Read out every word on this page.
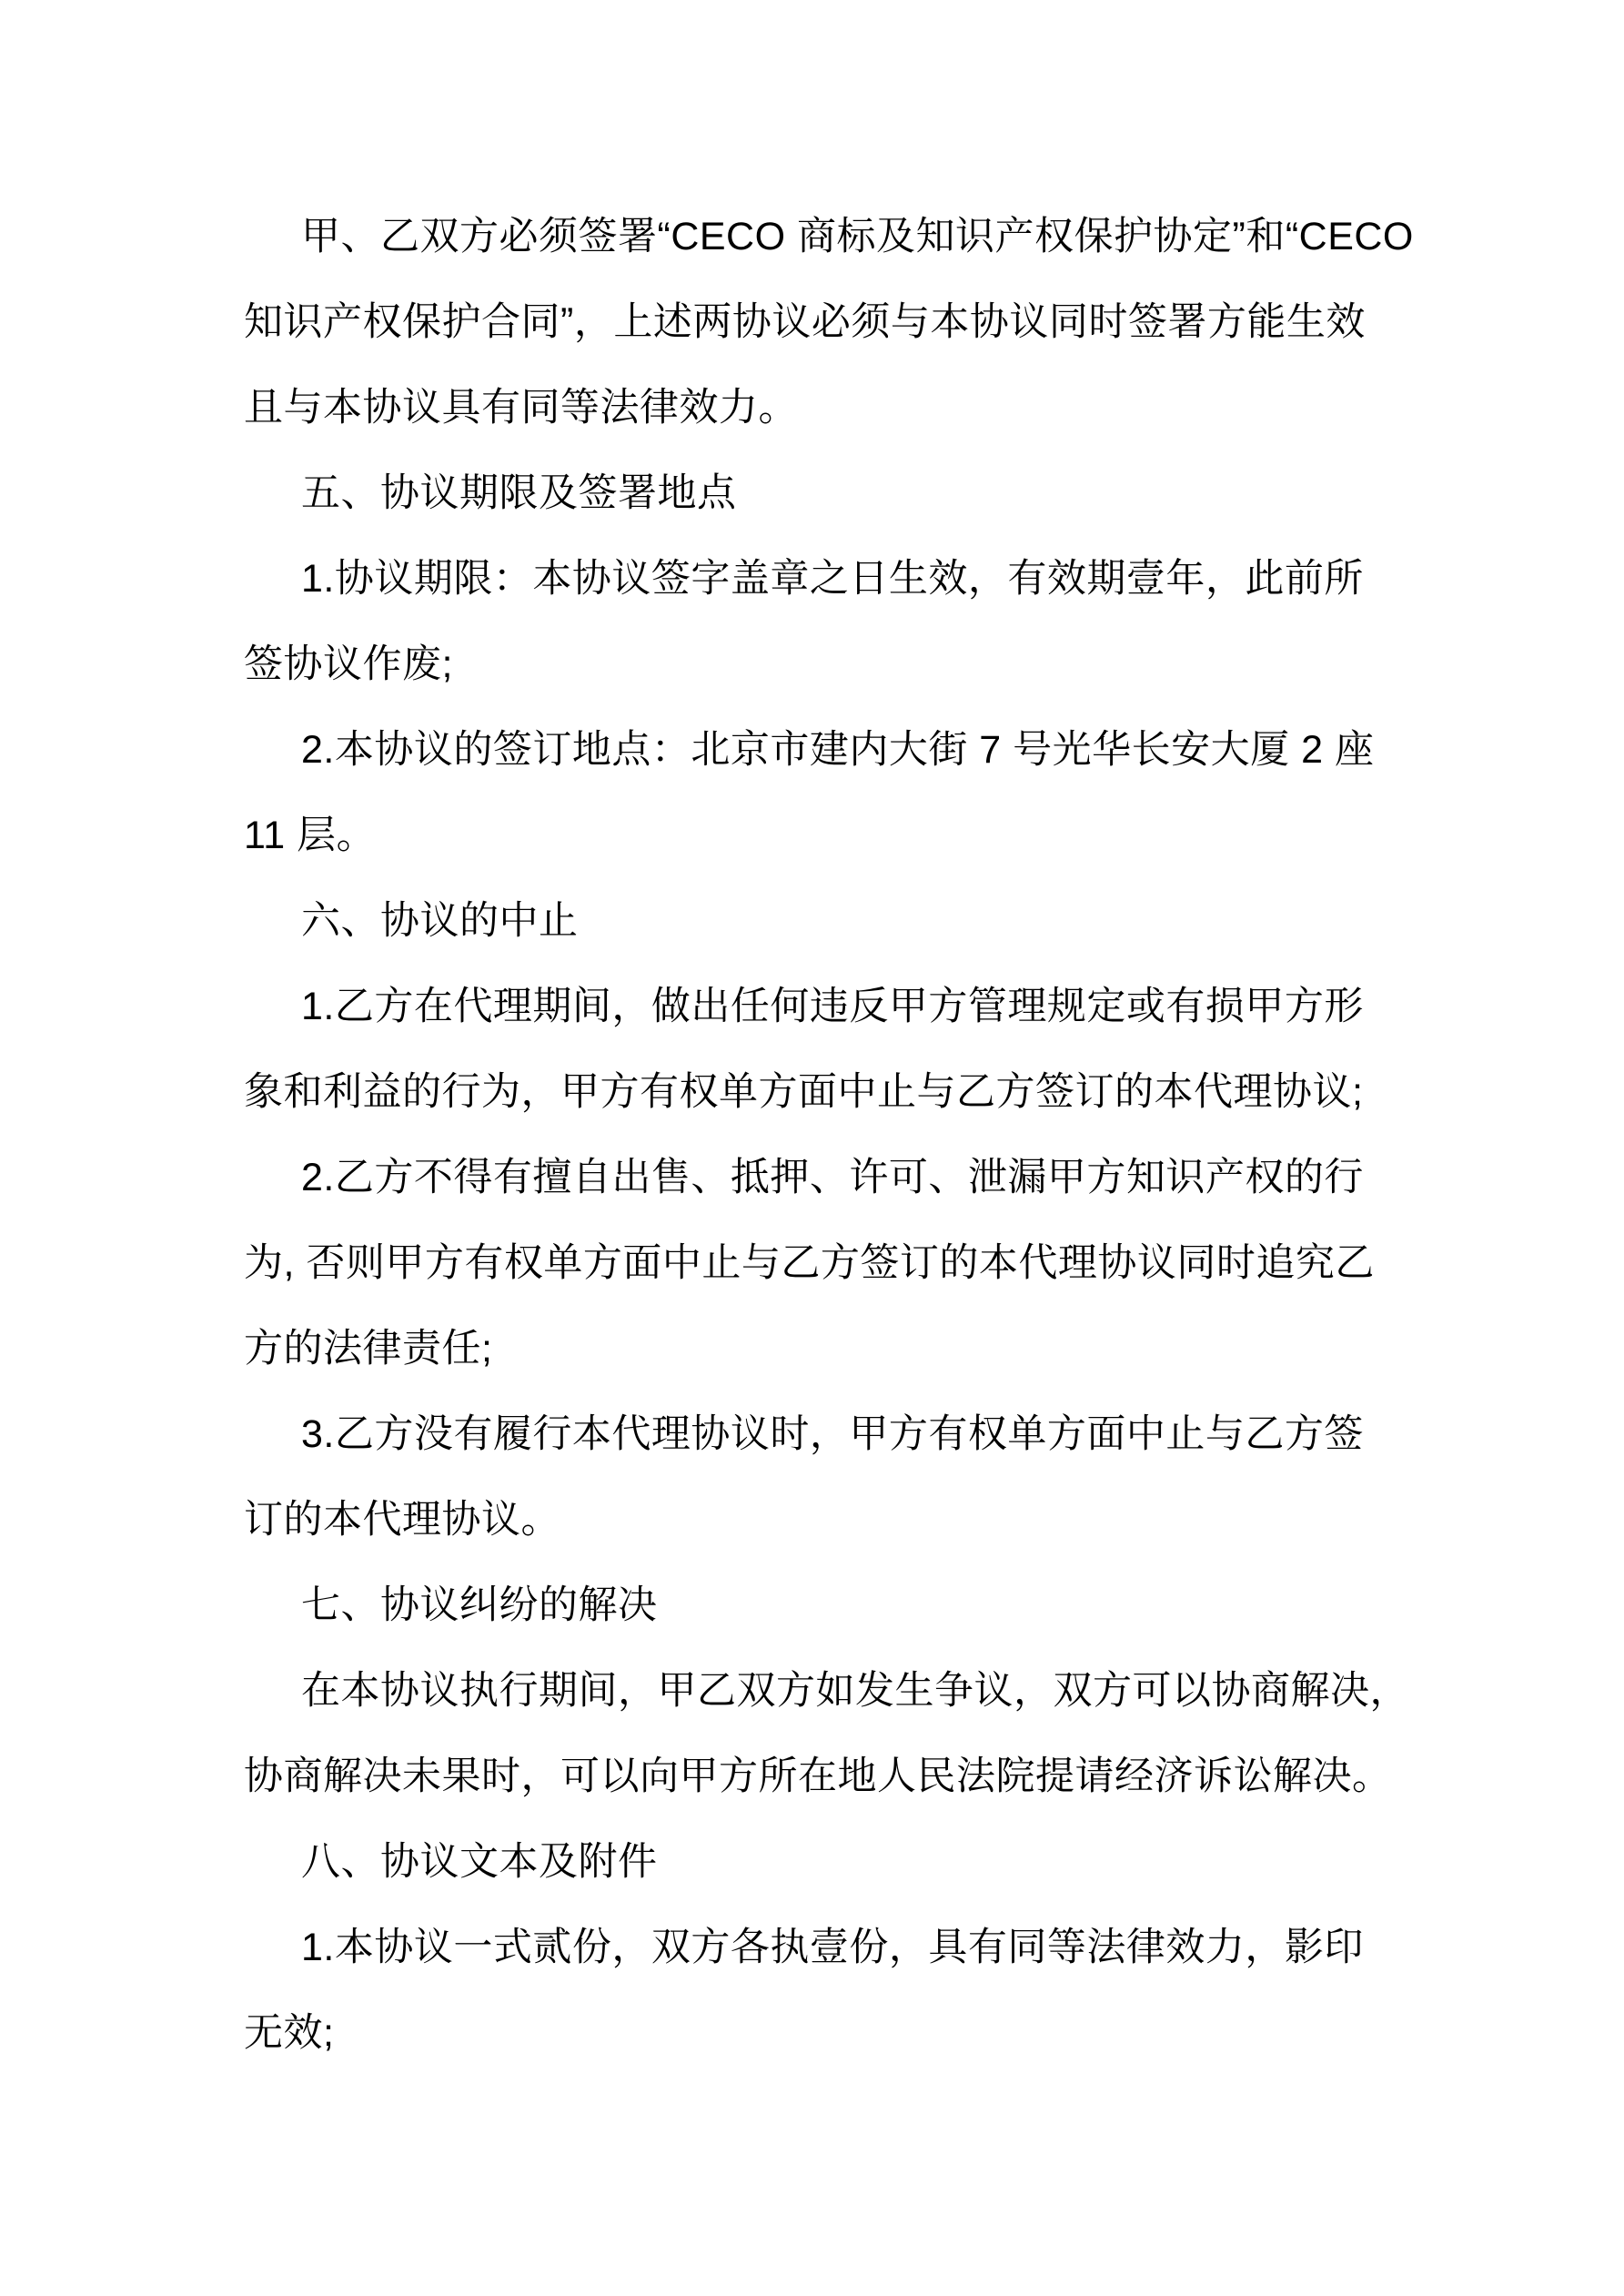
甲、乙双方必须签署“CECO 商标及知识产权保护协定”和“CECO
知识产权保护合同”，上述两协议必须与本协议同时签署方能生效
且与本协议具有同等法律效力。
五、协议期限及签署地点
1.协议期限：本协议签字盖章之日生效，有效期壹年，此前所
签协议作废;
2.本协议的签订地点：北京市建内大街 7 号光华长安大厦 2 座
11 层。
六、协议的中止
1.乙方在代理期间，做出任何违反甲方管理规定或有损甲方形
象和利益的行为，甲方有权单方面中止与乙方签订的本代理协议;
2.乙方不得有擅自出售、抵押、许可、泄漏甲方知识产权的行
为, 否则甲方有权单方面中止与乙方签订的本代理协议同时追究乙
方的法律责任;
3.乙方没有履行本代理协议时，甲方有权单方面中止与乙方签
订的本代理协议。
七、协议纠纷的解决
在本协议执行期间，甲乙双方如发生争议，双方可以协商解决，
协商解决未果时，可以向甲方所在地人民法院提请经济诉讼解决。
八、协议文本及附件
1.本协议一式贰份，双方各执壹份，具有同等法律效力，影印
无效;
